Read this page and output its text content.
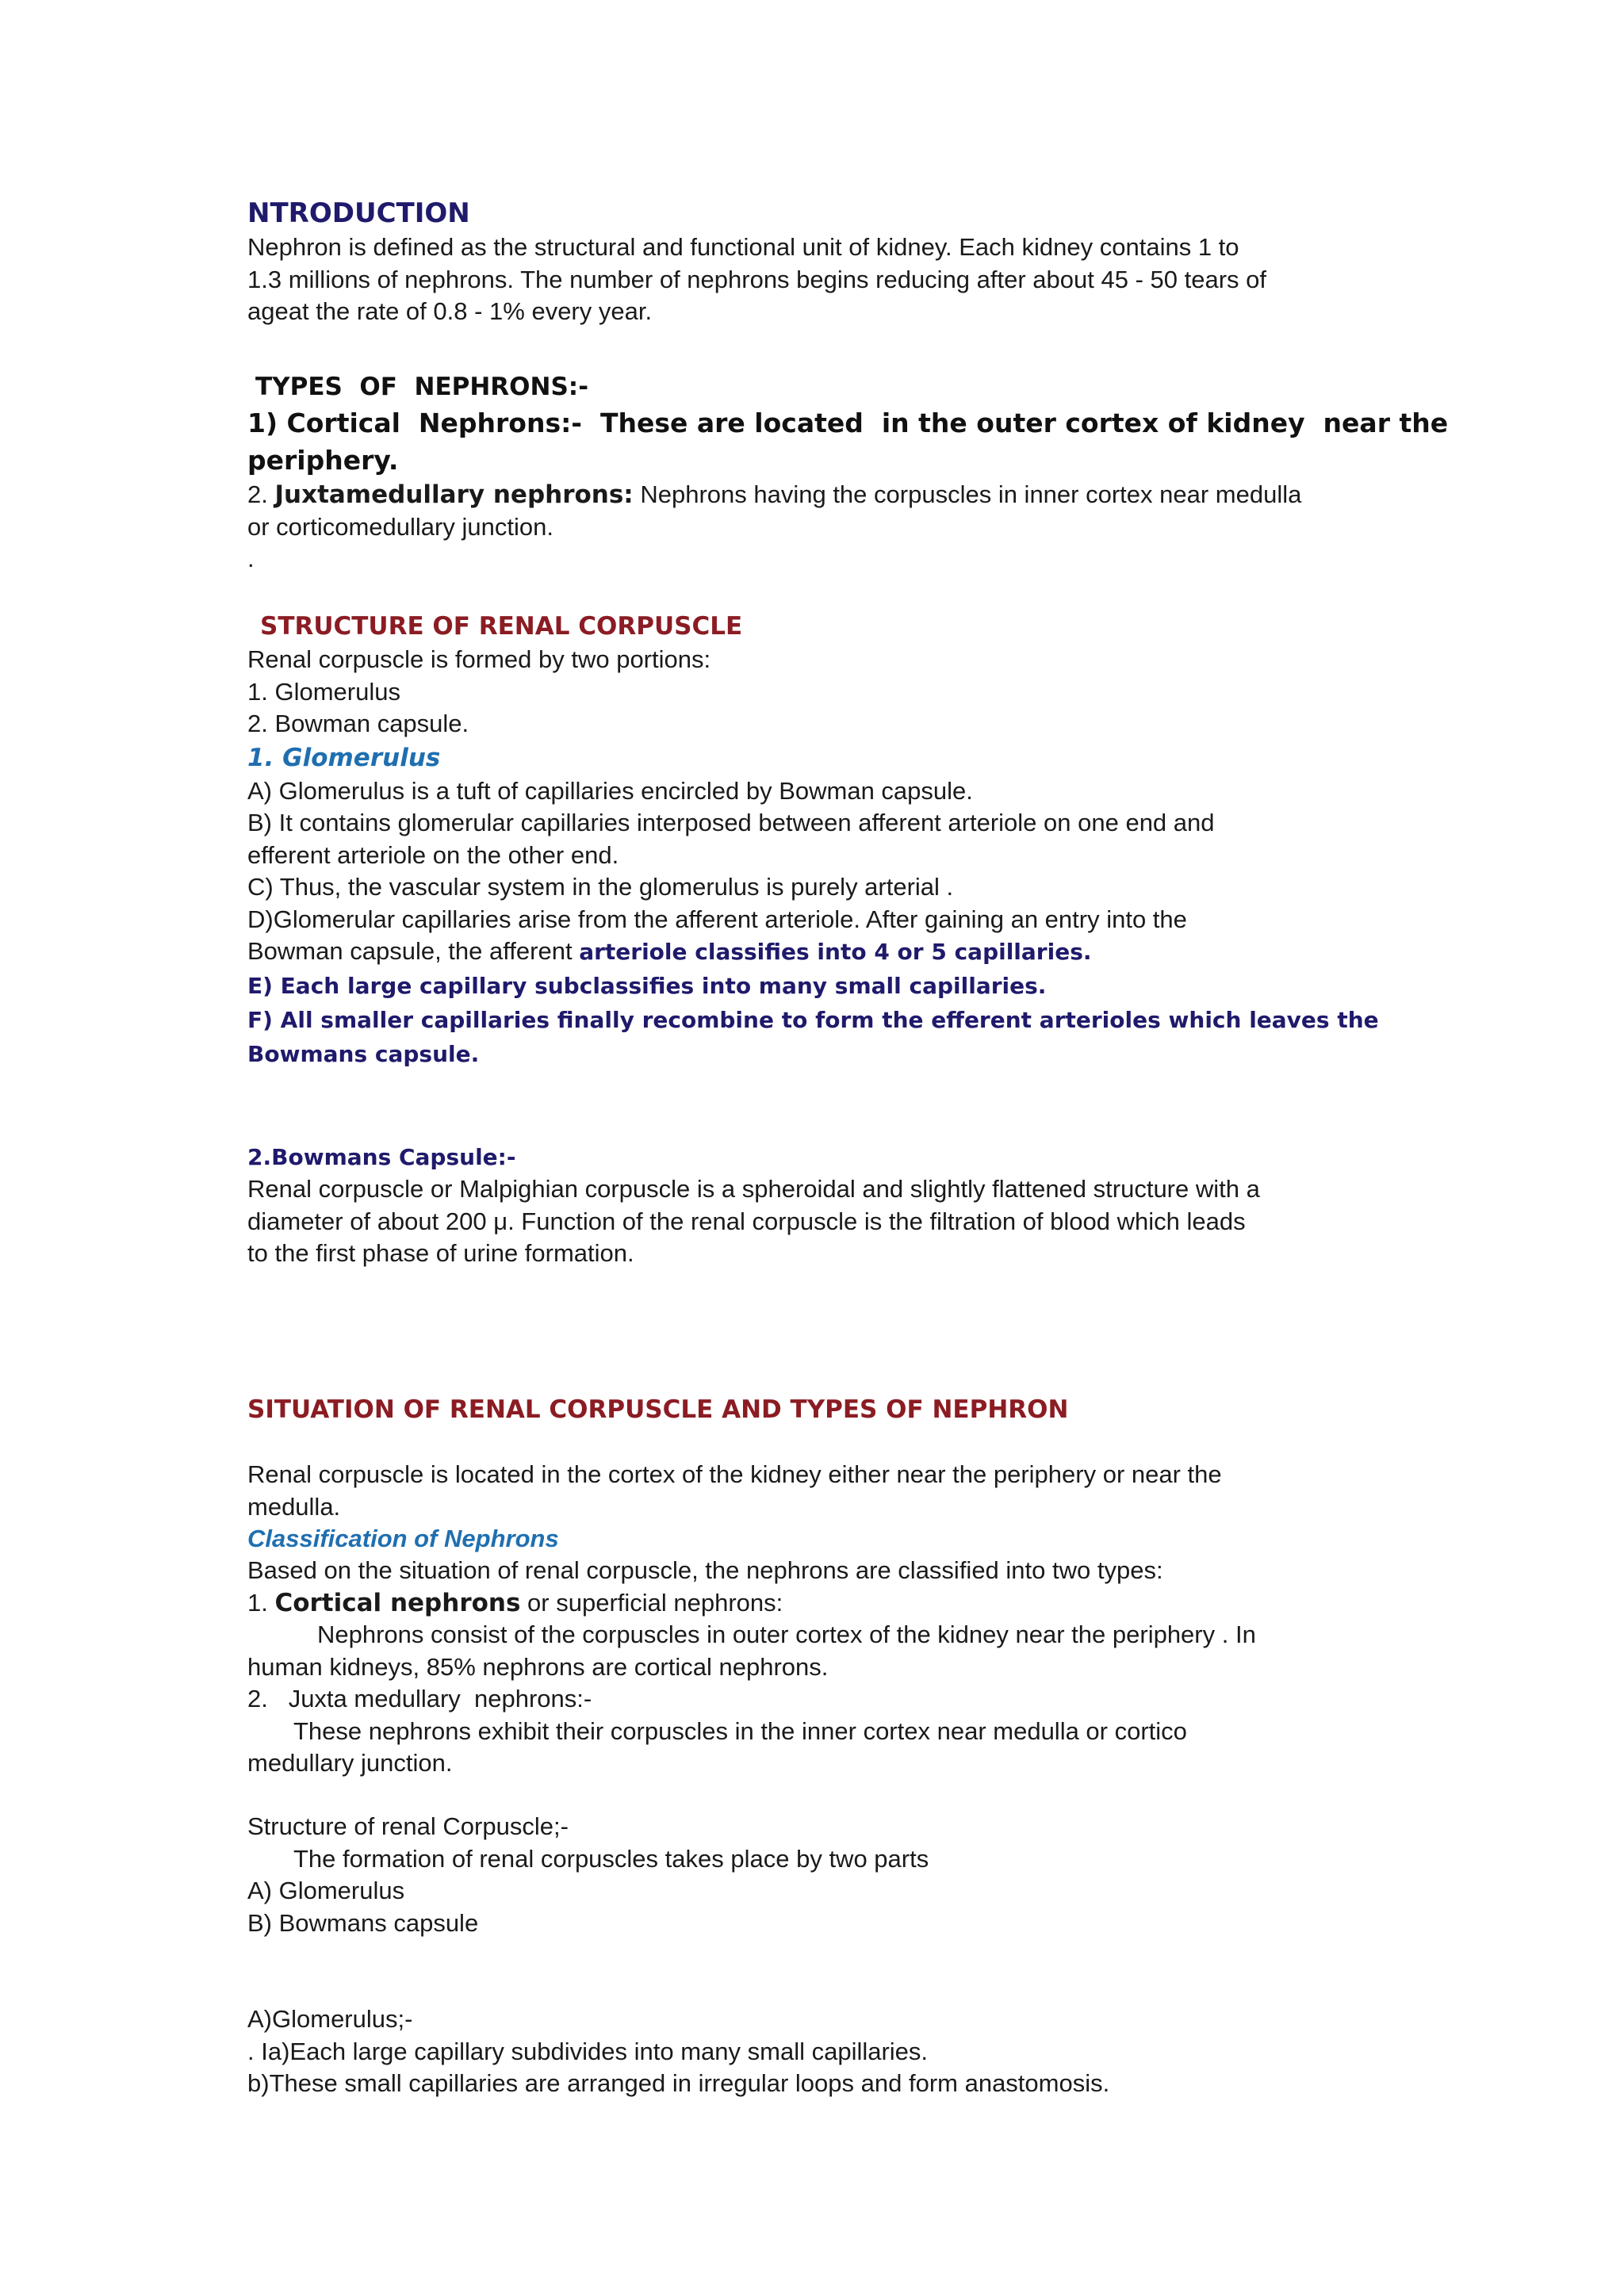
NTRODUCTION

Nephron is defined as the structural and functional unit of kidney. Each kidney contains 1 to

1.3 millions of nephrons. The number of nephrons begins reducing after about 45 - 50 tears of

ageat the rate of 0.8 - 1% every year.

TYPES  OF  NEPHRONS:-
1) Cortical  Nephrons:-  These are located  in the outer cortex of kidney  near the
periphery.

2. Juxtamedullary nephrons: Nephrons having the corpuscles in inner cortex near medulla

or corticomedullary junction.

.

STRUCTURE OF RENAL CORPUSCLE

Renal corpuscle is formed by two portions:

1. Glomerulus

2. Bowman capsule.

1. Glomerulus

A) Glomerulus is a tuft of capillaries encircled by Bowman capsule.

B) It contains glomerular capillaries interposed between afferent arteriole on one end and

efferent arteriole on the other end.

C) Thus, the vascular system in the glomerulus is purely arterial .

D)Glomerular capillaries arise from the afferent arteriole. After gaining an entry into the

Bowman capsule, the afferent arteriole classifies into 4 or 5 capillaries.

E) Each large capillary subclassifies into many small capillaries.

F) All smaller capillaries finally recombine to form the efferent arterioles which leaves the

Bowmans capsule.

2.Bowmans Capsule:-

Renal corpuscle or Malpighian corpuscle is a spheroidal and slightly flattened structure with a

diameter of about 200 μ. Function of the renal corpuscle is the filtration of blood which leads

to the first phase of urine formation.

SITUATION OF RENAL CORPUSCLE AND TYPES OF NEPHRON

Renal corpuscle is located in the cortex of the kidney either near the periphery or near the

medulla.

Classification of Nephrons

Based on the situation of renal corpuscle, the nephrons are classified into two types:

1. Cortical nephrons or superficial nephrons:

Nephrons consist of the corpuscles in outer cortex of the kidney near the periphery . In

human kidneys, 85% nephrons are cortical nephrons.

2.   Juxta medullary  nephrons:-

These nephrons exhibit their corpuscles in the inner cortex near medulla or cortico

medullary junction.

Structure of renal Corpuscle;-

The formation of renal corpuscles takes place by two parts

A) Glomerulus

B) Bowmans capsule

A)Glomerulus;-

. Ia)Each large capillary subdivides into many small capillaries.

b)These small capillaries are arranged in irregular loops and form anastomosis.
